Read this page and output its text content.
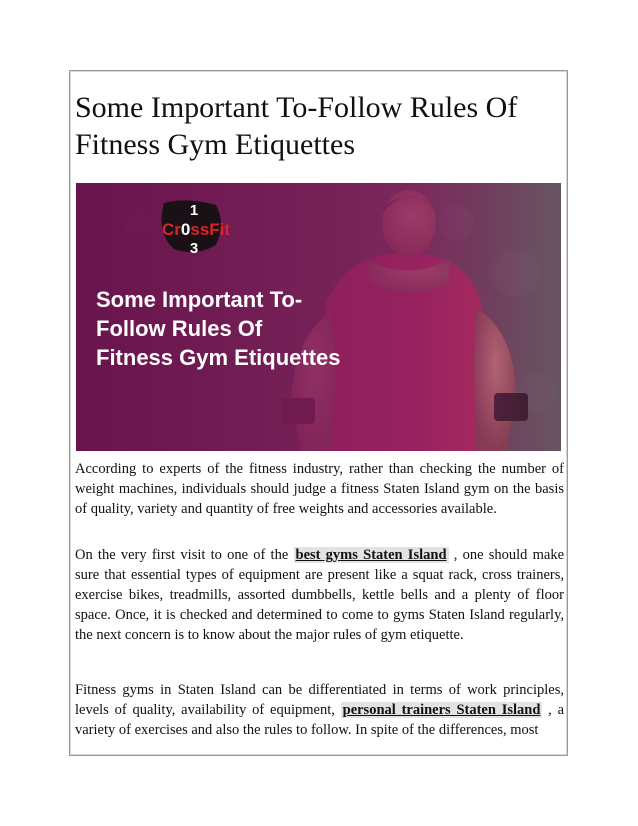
Some Important To-Follow Rules Of Fitness Gym Etiquettes
1
Cr0ssFit
3
Some Important To-
Follow Rules Of
Fitness Gym Etiquettes

According to experts of the fitness industry, rather than checking the number of weight machines, individuals should judge a fitness Staten Island gym on the basis of quality, variety and quantity of free weights and accessories available.

On the very first visit to one of the best gyms Staten Island , one should make sure that essential types of equipment are present like a squat rack, cross trainers, exercise bikes, treadmills, assorted dumbbells, kettle bells and a plenty of floor space. Once, it is checked and determined to come to gyms Staten Island regularly, the next concern is to know about the major rules of gym etiquette.

Fitness gyms in Staten Island can be differentiated in terms of work principles, levels of quality, availability of equipment, personal trainers Staten Island , a variety of exercises and also the rules to follow. In spite of the differences, most
